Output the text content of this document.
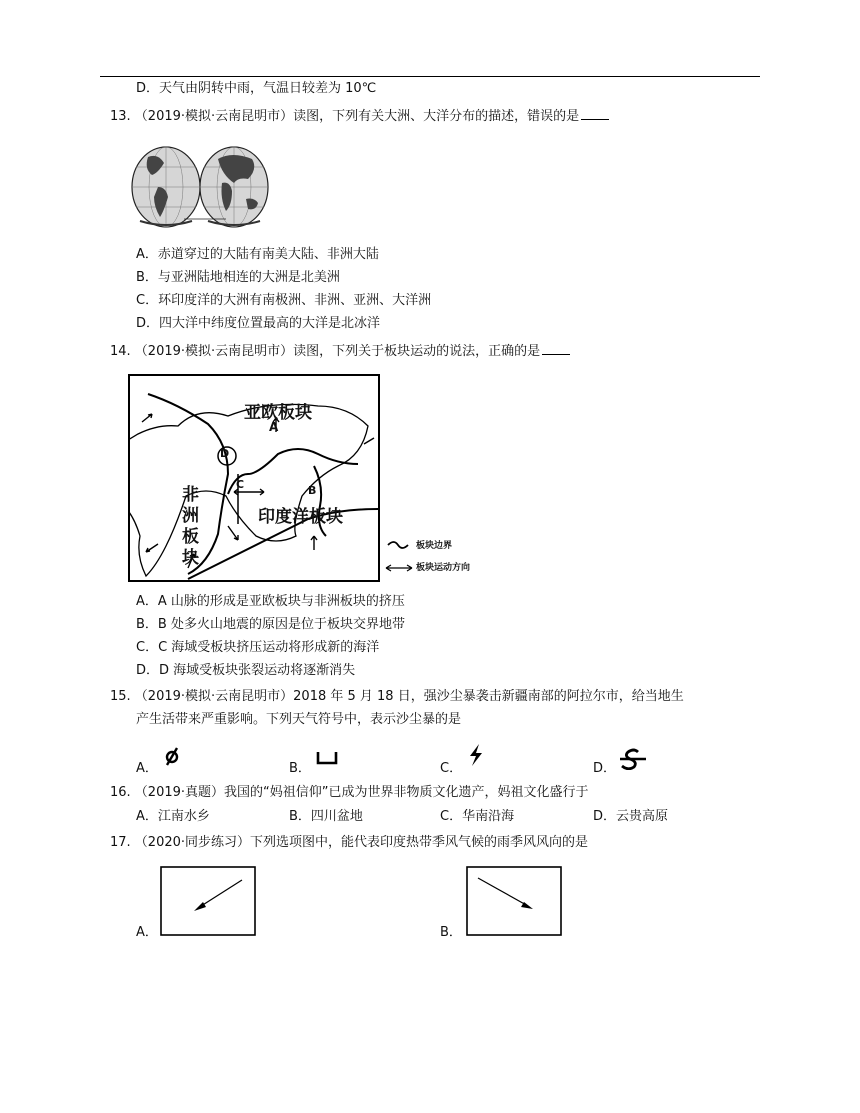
D．天气由阴转中雨，气温日较差为 10℃
13. （2019·模拟·云南昆明市）读图，下列有关大洲、大洋分布的描述，错误的是
A．赤道穿过的大陆有南美大陆、非洲大陆
B．与亚洲陆地相连的大洲是北美洲
C．环印度洋的大洲有南极洲、非洲、亚洲、大洋洲
D．四大洋中纬度位置最高的大洋是北冰洋
14. （2019·模拟·云南昆明市）读图，下列关于板块运动的说法，正确的是
亚欧板块
A
B
D
C
非
洲
板
块
印度洋板块
板块边界
板块运动方向
A．A 山脉的形成是亚欧板块与非洲板块的挤压
B．B 处多火山地震的原因是位于板块交界地带
C．C 海域受板块挤压运动将形成新的海洋
D．D 海域受板块张裂运动将逐渐消失
15. （2019·模拟·云南昆明市）2018 年 5 月 18 日，强沙尘暴袭击新疆南部的阿拉尔市，给当地生
产生活带来严重影响。下列天气符号中，表示沙尘暴的是
A．	B．	C．	D．
16. （2019·真题）我国的“妈祖信仰”已成为世界非物质文化遗产，妈祖文化盛行于
A．江南水乡	B．四川盆地	C．华南沿海	D．云贵高原
17. （2020·同步练习）下列选项图中，能代表印度热带季风气候的雨季风风向的是
A．	B．
